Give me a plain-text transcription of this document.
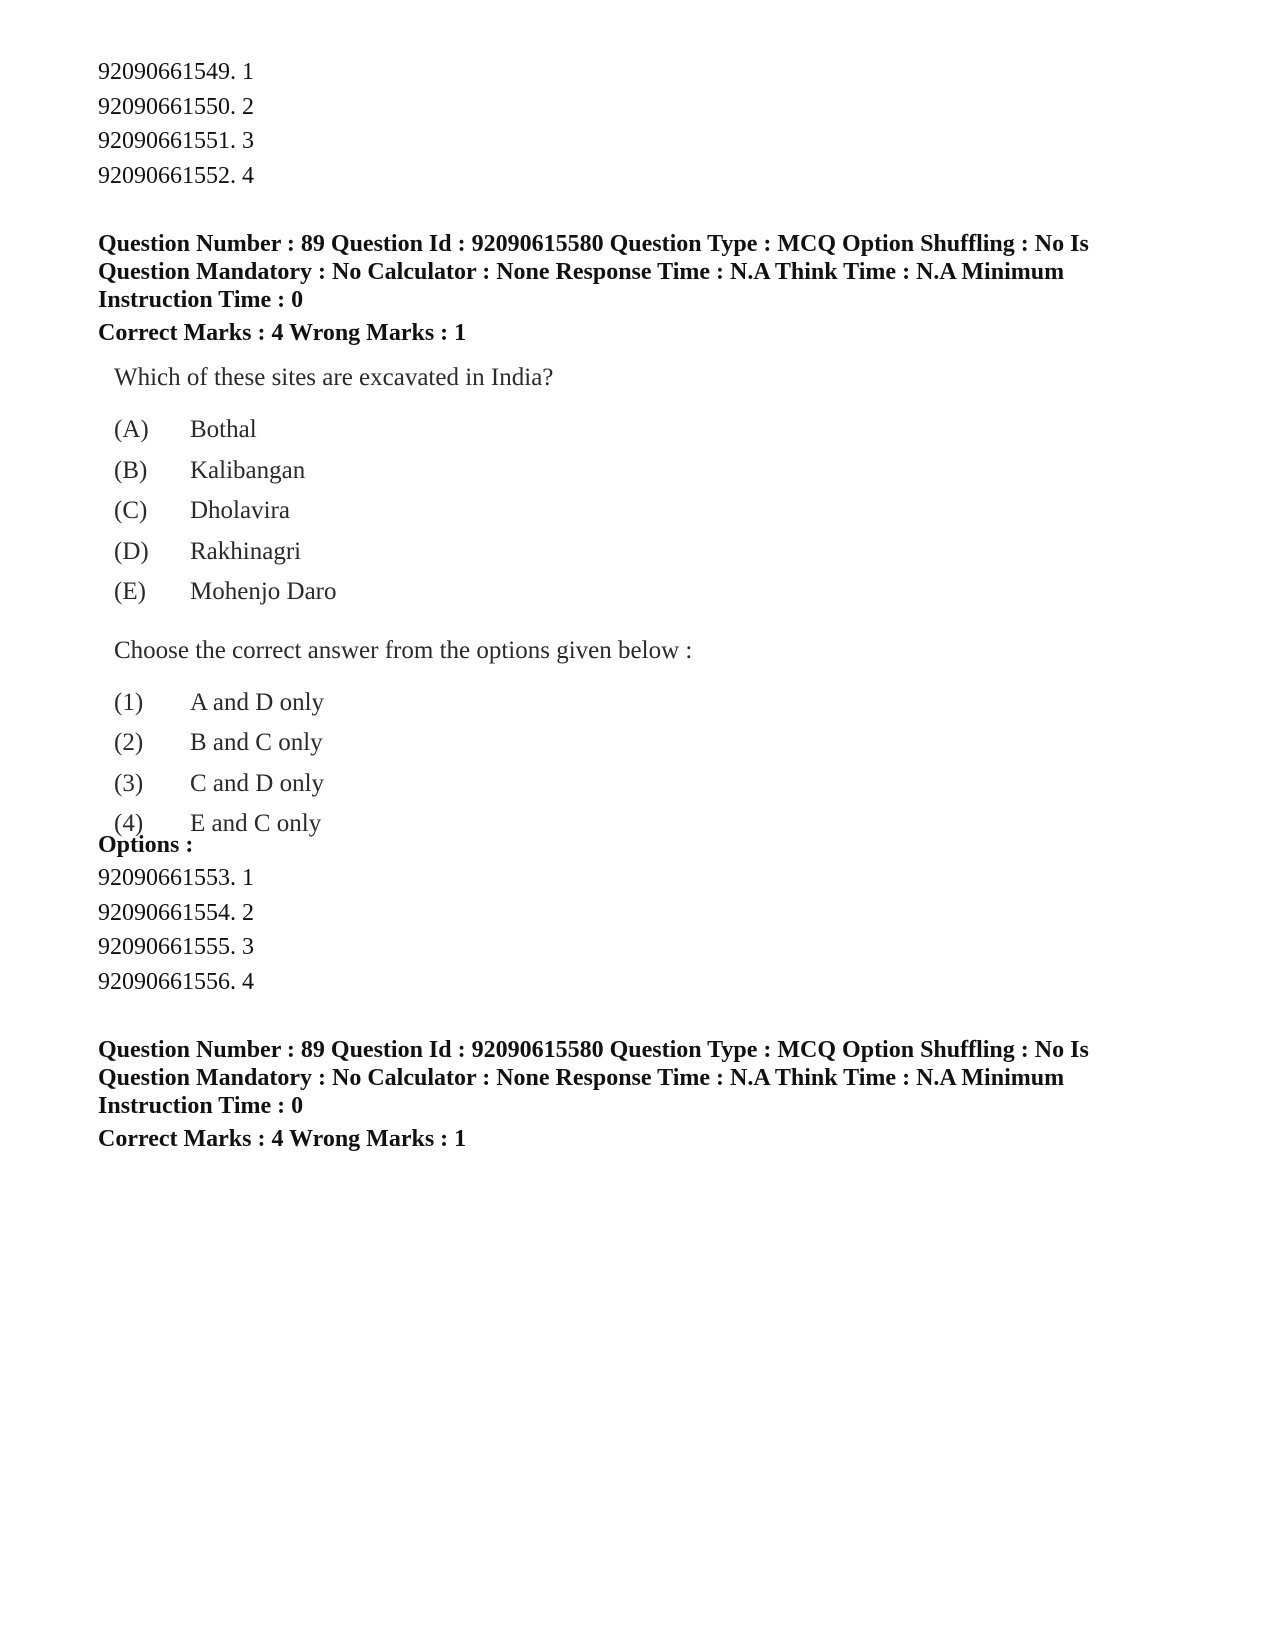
92090661549. 1
92090661550. 2
92090661551. 3
92090661552. 4
Question Number : 89 Question Id : 92090615580 Question Type : MCQ Option Shuffling : No Is
Question Mandatory : No Calculator : None Response Time : N.A Think Time : N.A Minimum
Instruction Time : 0
Correct Marks : 4 Wrong Marks : 1
Which of these sites are excavated in India?
(A) Bothal
(B) Kalibangan
(C) Dholavira
(D) Rakhinagri
(E) Mohenjo Daro
Choose the correct answer from the options given below :
(1) A and D only
(2) B and C only
(3) C and D only
(4) E and C only
Options :
92090661553. 1
92090661554. 2
92090661555. 3
92090661556. 4
Question Number : 89 Question Id : 92090615580 Question Type : MCQ Option Shuffling : No Is
Question Mandatory : No Calculator : None Response Time : N.A Think Time : N.A Minimum
Instruction Time : 0
Correct Marks : 4 Wrong Marks : 1
